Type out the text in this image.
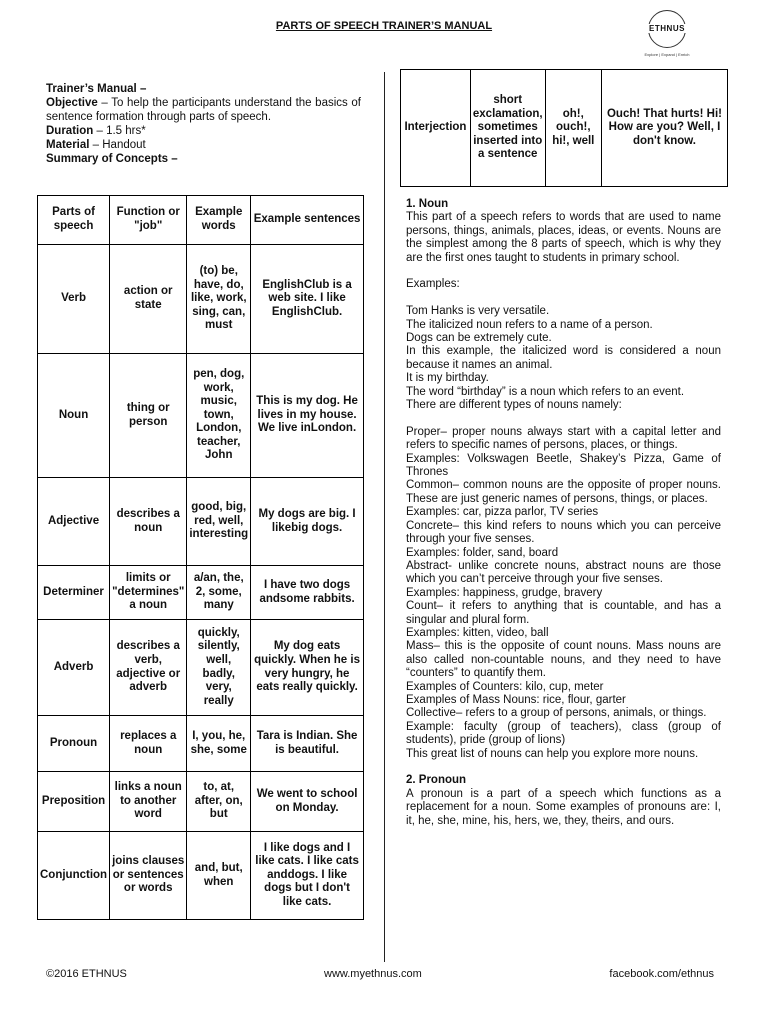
PARTS OF SPEECH TRAINER’S MANUAL	ETHNUS
Explore | Expand | Enrich

Trainer’s Manual –

Objective – To help the participants understand the basics of sentence formation through parts of speech.

Duration – 1.5 hrs*

Material – Handout

Summary of Concepts –

Parts of speech	Function or "job"	Example words	Example sentences
Verb	action or state	(to) be, have, do, like, work, sing, can, must	EnglishClub is a web site. I like EnglishClub.
Noun	thing or person	pen, dog, work, music, town, London, teacher, John	This is my dog. He lives in my house. We live inLondon.
Adjective	describes a noun	good, big, red, well, interesting	My dogs are big. I likebig dogs.
Determiner	limits or "determines" a noun	a/an, the, 2, some, many	I have two dogs andsome rabbits.
Adverb	describes a verb, adjective or adverb	quickly, silently, well, badly, very, really	My dog eats quickly. When he is very hungry, he eats really quickly.
Pronoun	replaces a noun	I, you, he, she, some	Tara is Indian. She is beautiful.
Preposition	links a noun to another word	to, at, after, on, but	We went to school on Monday.
Conjunction	joins clauses or sentences or words	and, but, when	I like dogs and I like cats. I like cats anddogs. I like dogs but I don't like cats.
Interjection	short exclamation, sometimes inserted into a sentence	oh!, ouch!, hi!, well	Ouch! That hurts! Hi! How are you? Well, I don't know.

1. Noun

This part of a speech refers to words that are used to name persons, things, animals, places, ideas, or events. Nouns are the simplest among the 8 parts of speech, which is why they are the first ones taught to students in primary school.

Examples:

Tom Hanks is very versatile.

The italicized noun refers to a name of a person.

Dogs can be extremely cute.

In this example, the italicized word is considered a noun because it names an animal.

It is my birthday.

The word “birthday” is a noun which refers to an event.

There are different types of nouns namely:

Proper– proper nouns always start with a capital letter and refers to specific names of persons, places, or things.

Examples: Volkswagen Beetle, Shakey’s Pizza, Game of Thrones

Common– common nouns are the opposite of proper nouns. These are just generic names of persons, things, or places.

Examples: car, pizza parlor, TV series

Concrete– this kind refers to nouns which you can perceive through your five senses.

Examples: folder, sand, board

Abstract- unlike concrete nouns, abstract nouns are those which you can’t perceive through your five senses.

Examples: happiness, grudge, bravery

Count– it refers to anything that is countable, and has a singular and plural form.

Examples: kitten, video, ball

Mass– this is the opposite of count nouns. Mass nouns are also called non-countable nouns, and they need to have “counters” to quantify them.

Examples of Counters: kilo, cup, meter

Examples of Mass Nouns: rice, flour, garter

Collective– refers to a group of persons, animals, or things.

Example: faculty (group of teachers), class (group of students), pride (group of lions)

This great list of nouns can help you explore more nouns.

2. Pronoun

A pronoun is a part of a speech which functions as a replacement for a noun. Some examples of pronouns are: I, it, he, she, mine, his, hers, we, they, theirs, and ours.

©2016 ETHNUS	www.myethnus.com	facebook.com/ethnus
